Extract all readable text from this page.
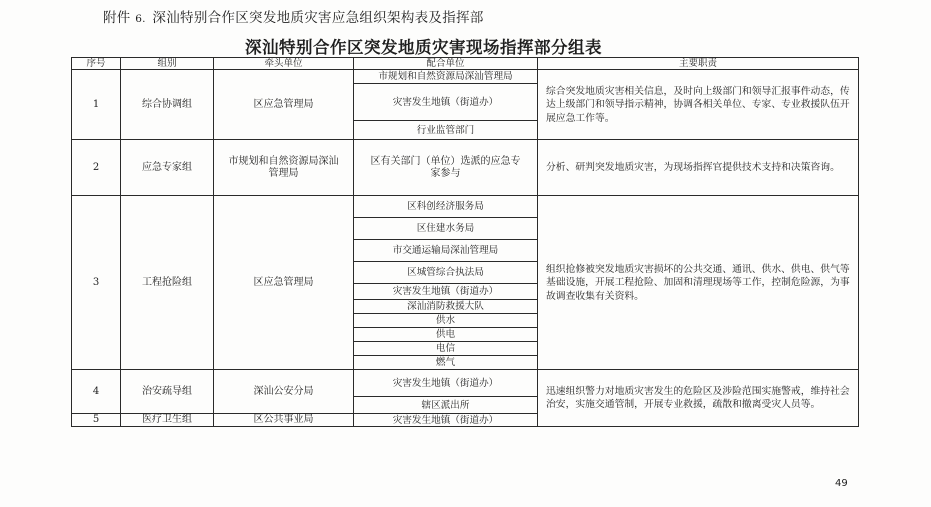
附件 6. 深汕特别合作区突发地质灾害应急组织架构表及指挥部
深汕特别合作区突发地质灾害现场指挥部分组表
序号	组别	牵头单位	配合单位	主要职责
1	综合协调组	区应急管理局	市规划和自然资源局深汕管理局	综合突发地质灾害相关信息，及时向上级部门和领导汇报事件动态，传达上级部门和领导指示精神，协调各相关单位、专家、专业救援队伍开展应急工作等。
			灾害发生地镇（街道办）	
			行业监管部门	
2	应急专家组	市规划和自然资源局深汕管理局	区有关部门（单位）选派的应急专家参与	分析、研判突发地质灾害，为现场指挥官提供技术支持和决策咨询。
3	工程抢险组	区应急管理局	区科创经济服务局	组织抢修被突发地质灾害损坏的公共交通、通讯、供水、供电、供气等基础设施，开展工程抢险、加固和清理现场等工作，控制危险源，为事故调查收集有关资料。
			区住建水务局	
			市交通运输局深汕管理局	
			区城管综合执法局	
			灾害发生地镇（街道办）	
			深汕消防救援大队	
			供水	
			供电	
			电信	
			燃气	
4	治安疏导组	深汕公安分局	灾害发生地镇（街道办）	迅速组织警力对地质灾害发生的危险区及涉险范围实施警戒，维持社会治安，实施交通管制，开展专业救援，疏散和撤离受灾人员等。
			辖区派出所	
5	医疗卫生组	区公共事业局	灾害发生地镇（街道办）	
49
